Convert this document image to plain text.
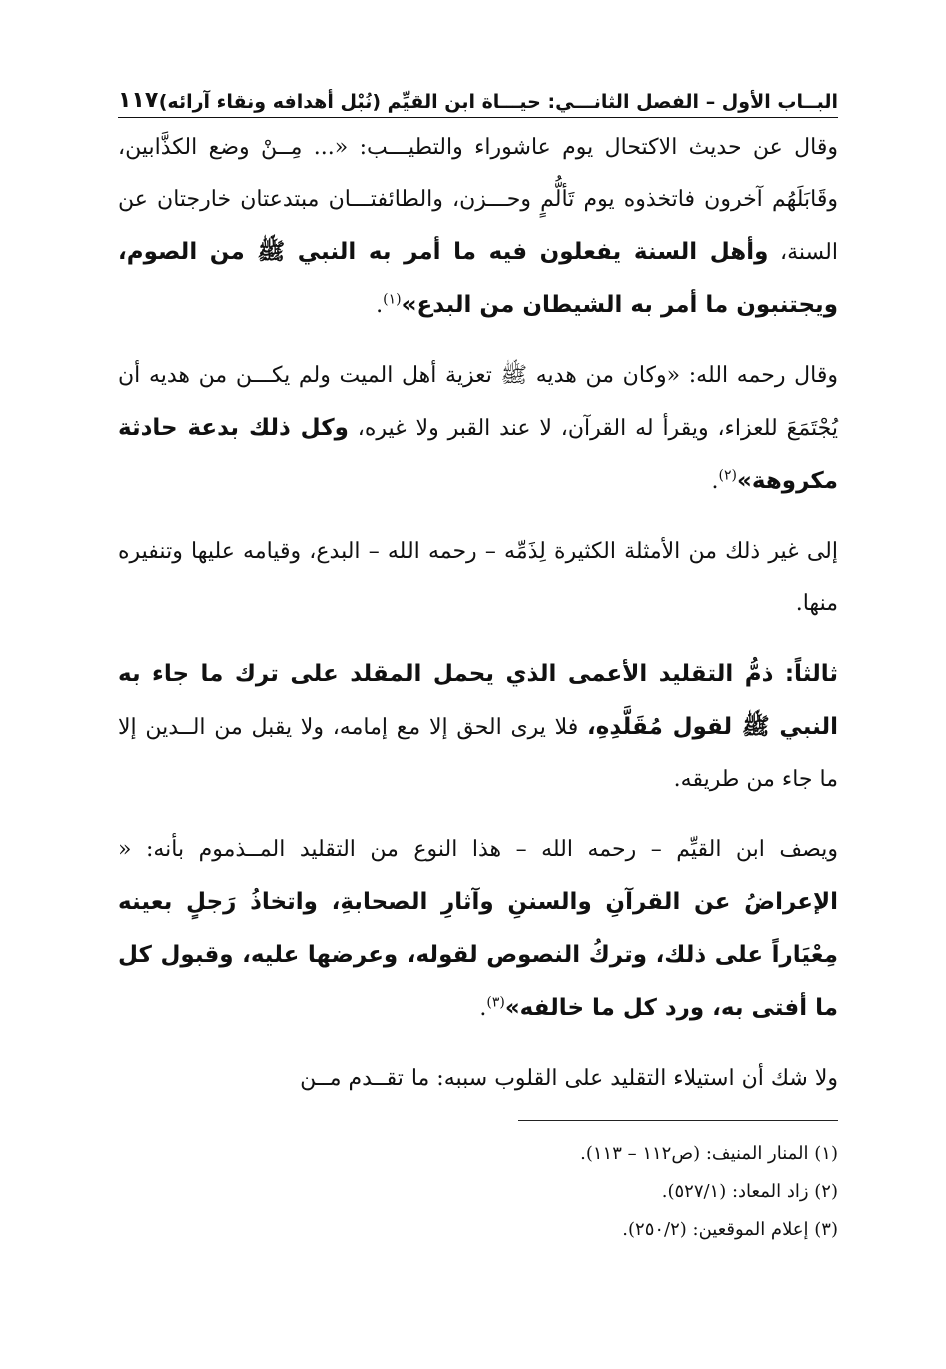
البــاب الأول – الفصل الثانـــي: حيـــاة ابن القيِّم (نُبْل أهدافه ونقاء آرائه)
١١٧

وقال عن حديث الاكتحال يوم عاشوراء والتطيـــب: «... مِــنْ وضع الكذَّابين، وقَابَلَهُم آخرون فاتخذوه يوم تَألُّمٍ وحـــزن، والطائفتـــان مبتدعتان خارجتان عن السنة، وأهل السنة يفعلون فيه ما أمر به النبي ﷺ من الصوم، ويجتنبون ما أمر به الشيطان من البدع»$^{(١)}$.

وقال رحمه الله: «وكان من هديه ﷺ تعزية أهل الميت ولم يكـــن من هديه أن يُجْتَمَعَ للعزاء، ويقرأ له القرآن، لا عند القبر ولا غيره، وكل ذلك بدعة حادثة مكروهة»$^{(٢)}$.

إلى غير ذلك من الأمثلة الكثيرة لِذَمِّه – رحمه الله – البدع، وقيامه عليها وتنفيره منها.

ثالثاً: ذمُّ التقليد الأعمى الذي يحمل المقلد على ترك ما جاء به النبي ﷺ لقول مُقَلَّدِهِ، فلا يرى الحق إلا مع إمامه، ولا يقبل من الــدين إلا ما جاء من طريقه.

ويصف ابن القيِّم – رحمه الله – هذا النوع من التقليد المــذموم بأنه: « الإعراضُ عن القرآنِ والسننِ وآثارِ الصحابةِ، واتخاذُ رَجلٍ بعينه مِعْيَاراً على ذلك، وتركُ النصوص لقوله، وعرضها عليه، وقبول كل ما أفتى به، ورد كل ما خالفه»$^{(٣)}$.

ولا شك أن استيلاء التقليد على القلوب سببه: ما تقــدم مــن

(١) المنار المنيف: (ص١١٢ – ١١٣).

(٢) زاد المعاد: (٥٢٧/١).

(٣) إعلام الموقعين: (٢٥٠/٢).
